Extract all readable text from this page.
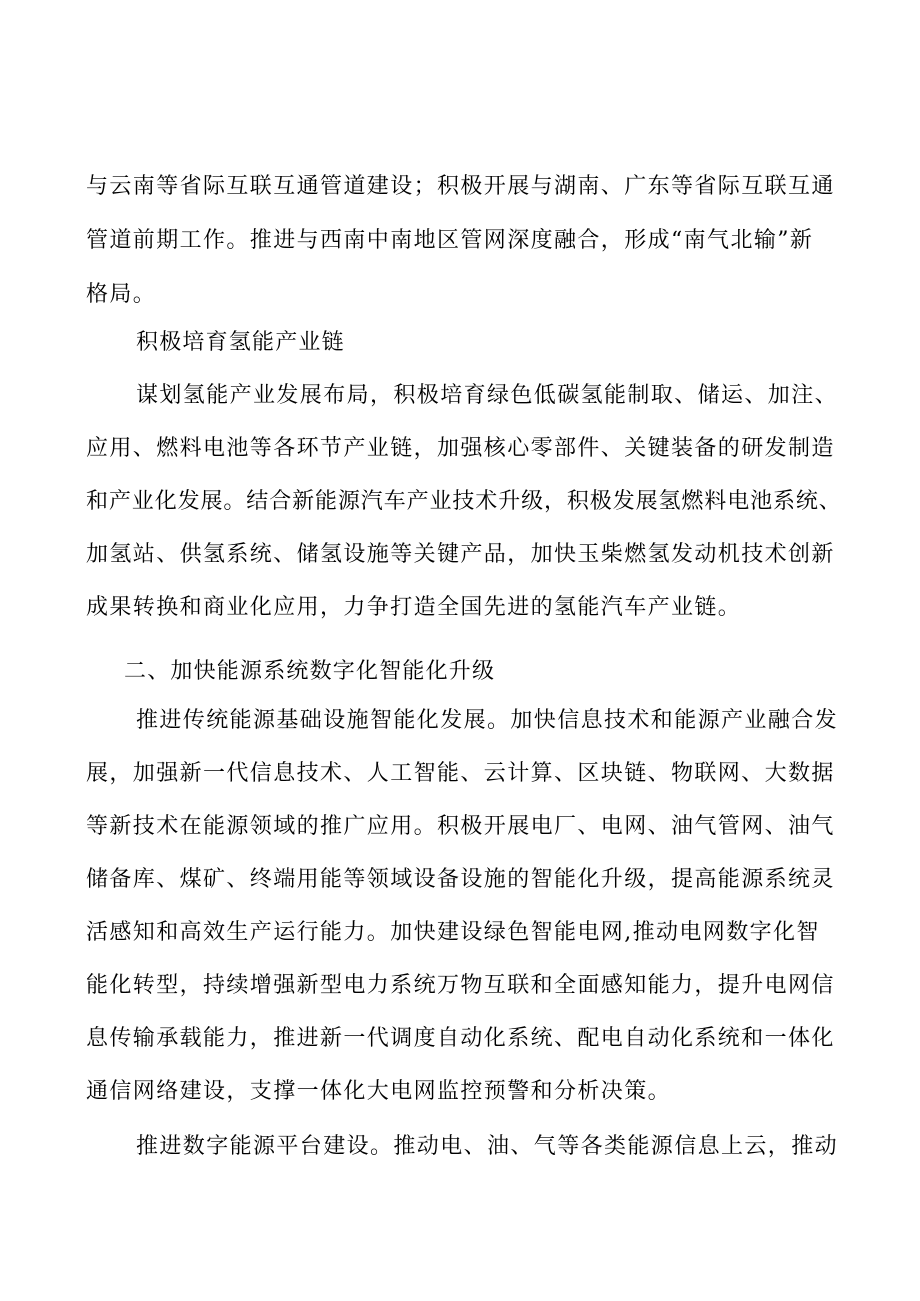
与云南等省际互联互通管道建设；积极开展与湖南、广东等省际互联互通
管道前期工作。推进与西南中南地区管网深度融合，形成“南气北输”新
格局。
积极培育氢能产业链
谋划氢能产业发展布局，积极培育绿色低碳氢能制取、储运、加注、
应用、燃料电池等各环节产业链，加强核心零部件、关键装备的研发制造
和产业化发展。结合新能源汽车产业技术升级，积极发展氢燃料电池系统、
加氢站、供氢系统、储氢设施等关键产品，加快玉柴燃氢发动机技术创新
成果转换和商业化应用，力争打造全国先进的氢能汽车产业链。
二、加快能源系统数字化智能化升级
推进传统能源基础设施智能化发展。加快信息技术和能源产业融合发
展，加强新一代信息技术、人工智能、云计算、区块链、物联网、大数据
等新技术在能源领域的推广应用。积极开展电厂、电网、油气管网、油气
储备库、煤矿、终端用能等领域设备设施的智能化升级，提高能源系统灵
活感知和高效生产运行能力。加快建设绿色智能电网,推动电网数字化智
能化转型，持续增强新型电力系统万物互联和全面感知能力，提升电网信
息传输承载能力，推进新一代调度自动化系统、配电自动化系统和一体化
通信网络建设，支撑一体化大电网监控预警和分析决策。
推进数字能源平台建设。推动电、油、气等各类能源信息上云，推动
